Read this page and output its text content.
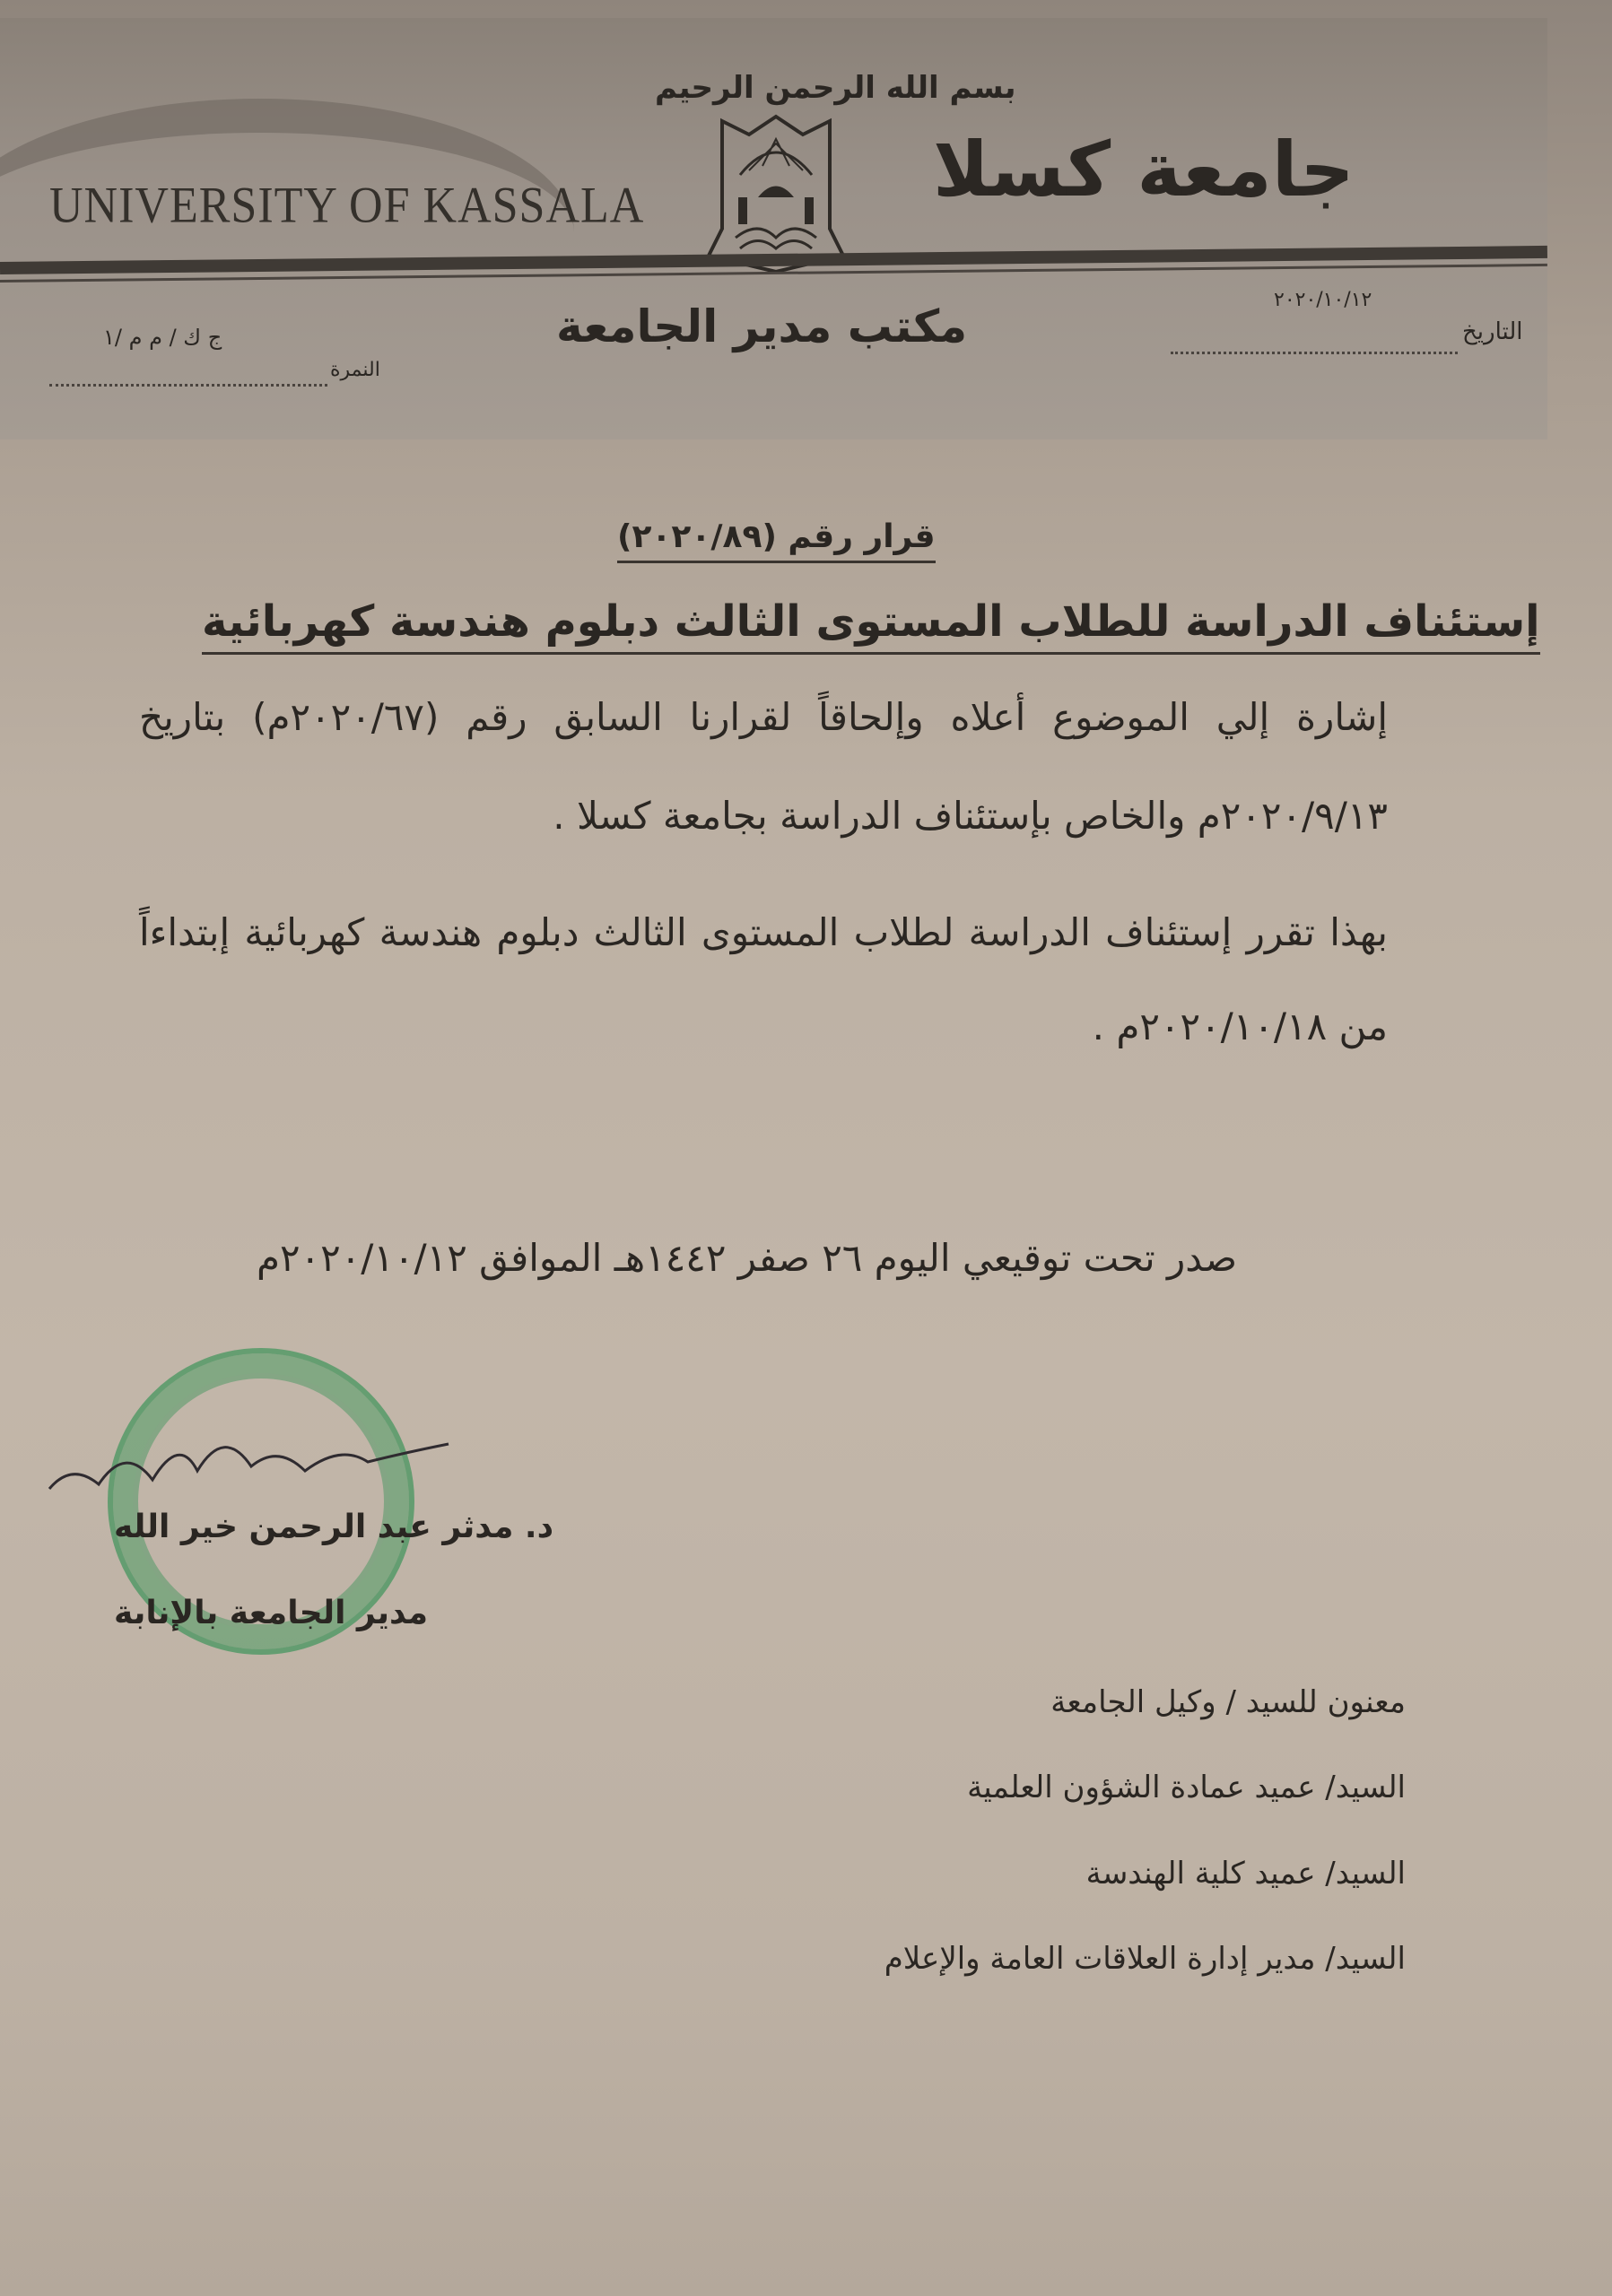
بسم الله الرحمن الرحيم
UNIVERSITY OF KASSALA	جامعة كسلا
٢٠٢٠/١٠/١٢
التاريخ
مكتب مدير الجامعة
ج ك / م م /١
النمرة
قرار رقم (٢٠٢٠/٨٩)
إستئناف الدراسة للطلاب المستوى الثالث دبلوم هندسة كهربائية
إشارة إلي الموضوع أعلاه وإلحاقاً لقرارنا السابق رقم (٢٠٢٠/٦٧م) بتاريخ
٢٠٢٠/٩/١٣م والخاص بإستئناف الدراسة بجامعة كسلا .
بهذا تقرر إستئناف الدراسة لطلاب المستوى الثالث دبلوم هندسة كهربائية إبتداءاً
من ٢٠٢٠/١٠/١٨م .
صدر تحت توقيعي اليوم ٢٦ صفر ١٤٤٢هـ الموافق ٢٠٢٠/١٠/١٢م
د. مدثر عبد الرحمن خير الله
مدير الجامعة بالإنابة
معنون للسيد / وكيل الجامعة
السيد/ عميد عمادة الشؤون العلمية
السيد/ عميد كلية الهندسة
السيد/ مدير إدارة العلاقات العامة والإعلام
